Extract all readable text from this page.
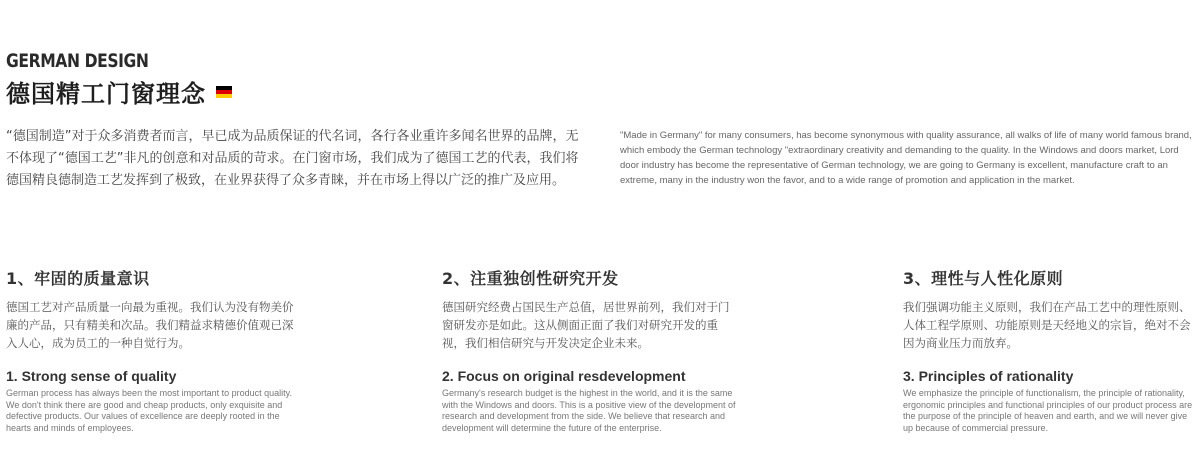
GERMAN DESIGN
德国精工门窗理念
“德国制造”对于众多消费者而言，早已成为品质保证的代名词，各行各业重许多闻名世界的品牌，无不体现了“德国工艺”非凡的创意和对品质的苛求。在门窗市场，我们成为了德国工艺的代表，我们将德国精良德制造工艺发挥到了极致，在业界获得了众多青睐，并在市场上得以广泛的推广及应用。
"Made in Germany" for many consumers, has become synonymous with quality assurance, all walks of life of many world famous brand, which embody the German technology "extraordinary creativity and demanding to the quality. In the Windows and doors market, Lord door industry has become the representative of German technology, we are going to Germany is excellent, manufacture craft to an extreme, many in the industry won the favor, and to a wide range of promotion and application in the market.
1、牢固的质量意识
德国工艺对产品质量一向最为重视。我们认为没有物美价廉的产品，只有精美和次品。我们精益求精德价值观已深入人心，成为员工的一种自觉行为。
1. Strong sense of quality
German process has always been the most important to product quality. We don't think there are good and cheap products, only exquisite and defective products. Our values of excellence are deeply rooted in the hearts and minds of employees.
2、注重独创性研究开发
德国研究经费占国民生产总值，居世界前列，我们对于门窗研发亦是如此。这从侧面正面了我们对研究开发的重视，我们相信研究与开发决定企业未来。
2. Focus on original resdevelopment
Germany's research budget is the highest in the world, and it is the same with the Windows and doors. This is a positive view of the development of research and development from the side. We believe that research and development will determine the future of the enterprise.
3、理性与人性化原则
我们强调功能主义原则，我们在产品工艺中的理性原则、人体工程学原则、功能原则是天经地义的宗旨，绝对不会因为商业压力而放弃。
3. Principles of rationality
We emphasize the principle of functionalism, the principle of rationality, ergonomic principles and functional principles of our product process are the purpose of the principle of heaven and earth, and we will never give up because of commercial pressure.
